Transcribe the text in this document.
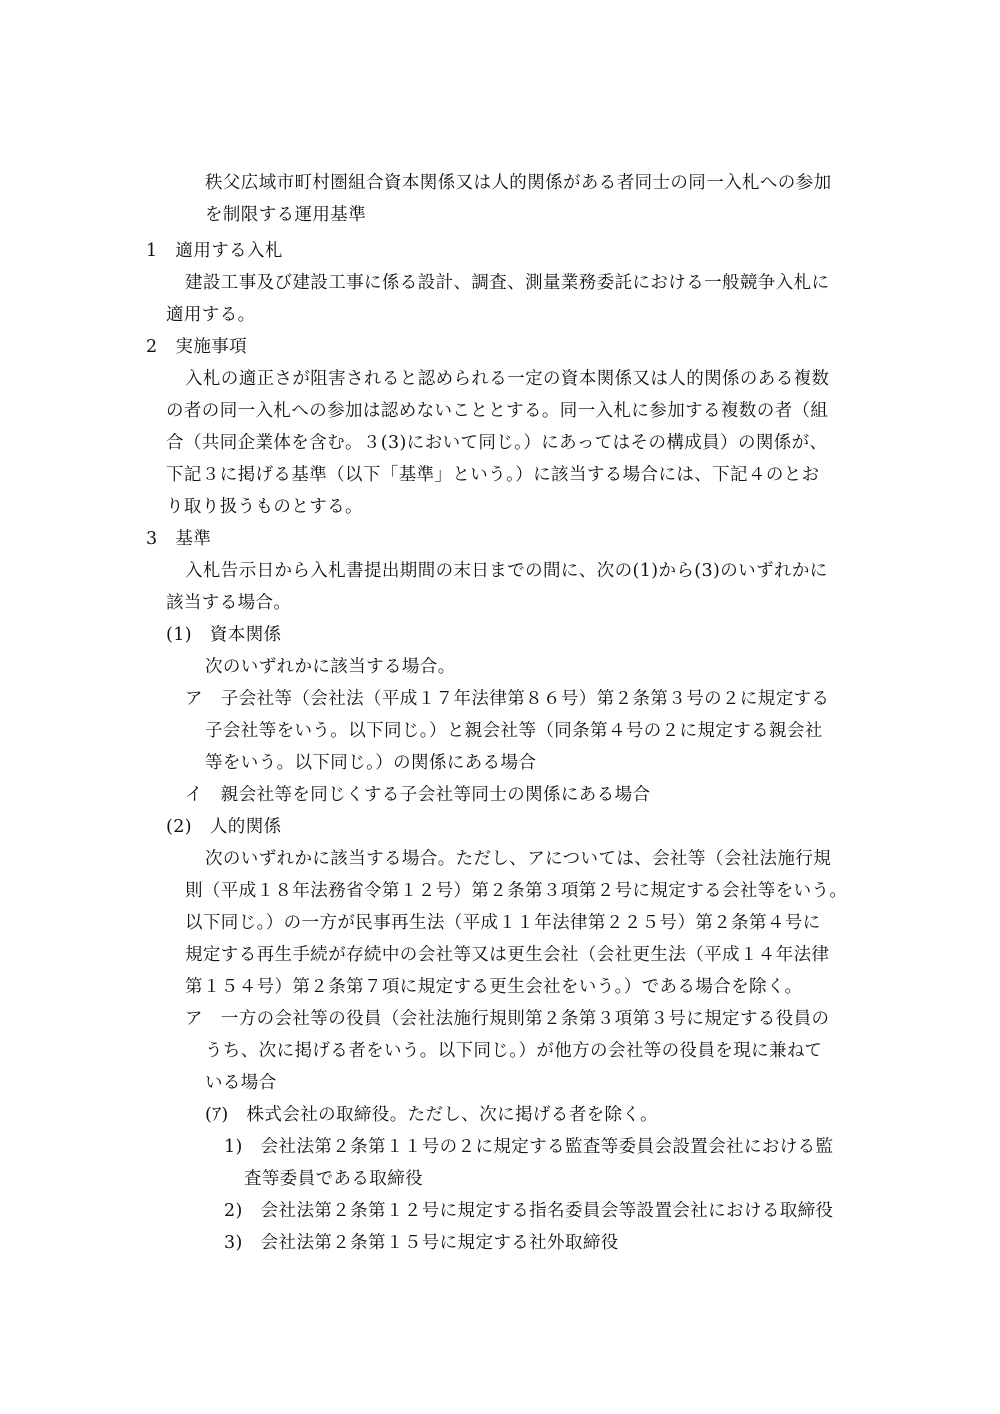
秩父広域市町村圏組合資本関係又は人的関係がある者同士の同一入札への参加
を制限する運用基準
1　適用する入札
建設工事及び建設工事に係る設計、調査、測量業務委託における一般競争入札に
適用する。
2　実施事項
入札の適正さが阻害されると認められる一定の資本関係又は人的関係のある複数
の者の同一入札への参加は認めないこととする。同一入札に参加する複数の者（組
合（共同企業体を含む。３(3)において同じ。）にあってはその構成員）の関係が、
下記３に掲げる基準（以下「基準」という。）に該当する場合には、下記４のとお
り取り扱うものとする。
3　基準
入札告示日から入札書提出期間の末日までの間に、次の(1)から(3)のいずれかに
該当する場合。
(1)　資本関係
次のいずれかに該当する場合。
ア　子会社等（会社法（平成１７年法律第８６号）第２条第３号の２に規定する
子会社等をいう。以下同じ。）と親会社等（同条第４号の２に規定する親会社
等をいう。以下同じ。）の関係にある場合
イ　親会社等を同じくする子会社等同士の関係にある場合
(2)　人的関係
次のいずれかに該当する場合。ただし、アについては、会社等（会社法施行規
則（平成１８年法務省令第１２号）第２条第３項第２号に規定する会社等をいう。
以下同じ。）の一方が民事再生法（平成１１年法律第２２５号）第２条第４号に
規定する再生手続が存続中の会社等又は更生会社（会社更生法（平成１４年法律
第１５４号）第２条第７項に規定する更生会社をいう。）である場合を除く。
ア　一方の会社等の役員（会社法施行規則第２条第３項第３号に規定する役員の
うち、次に掲げる者をいう。以下同じ。）が他方の会社等の役員を現に兼ねて
いる場合
(ｱ)　株式会社の取締役。ただし、次に掲げる者を除く。
1)　会社法第２条第１１号の２に規定する監査等委員会設置会社における監
査等委員である取締役
2)　会社法第２条第１２号に規定する指名委員会等設置会社における取締役
3)　会社法第２条第１５号に規定する社外取締役
